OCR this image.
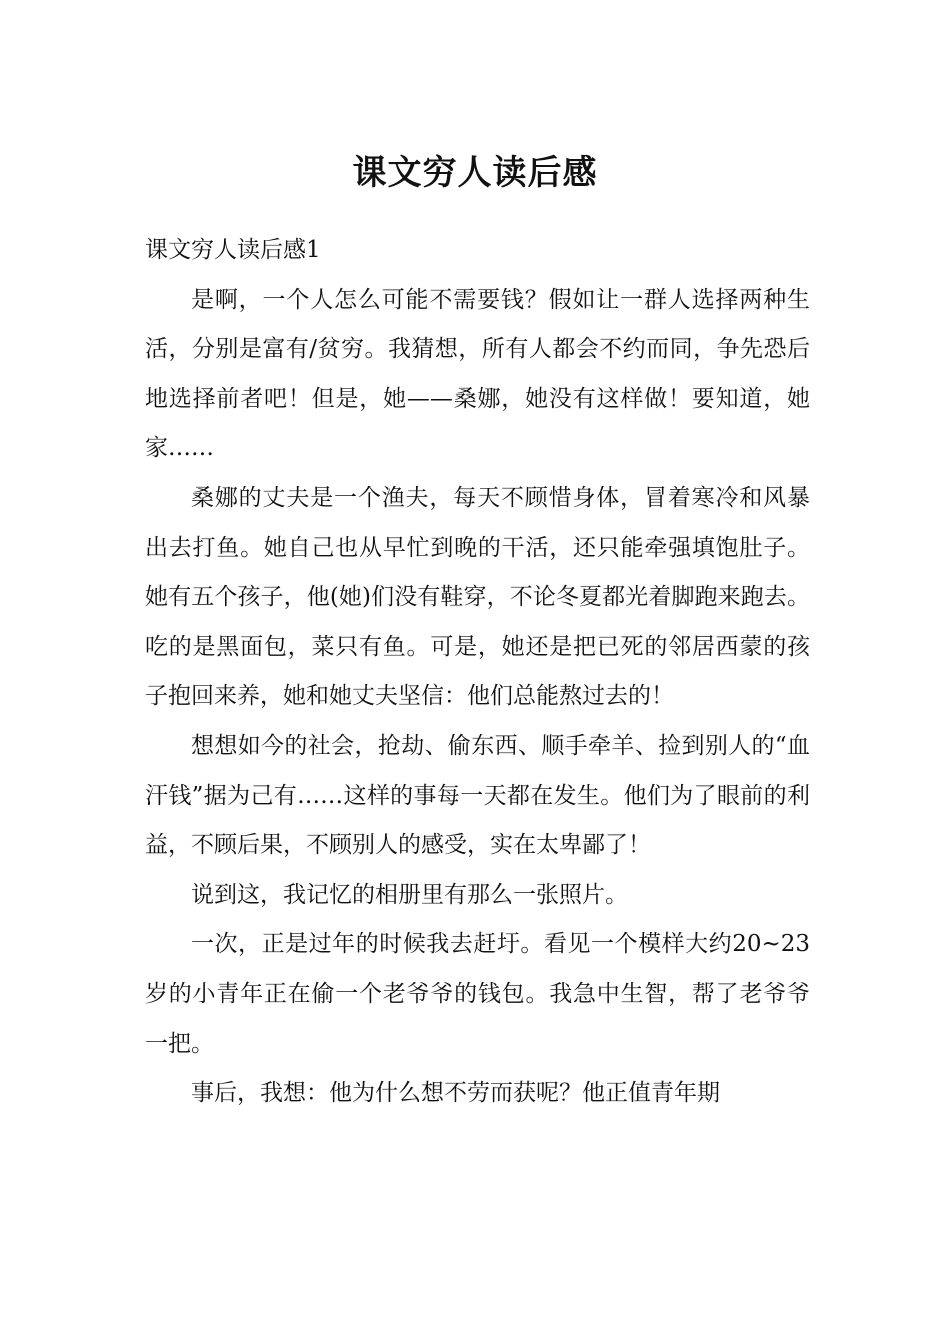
课文穷人读后感

课文穷人读后感1

是啊，一个人怎么可能不需要钱？假如让一群人选择两种生活，分别是富有/贫穷。我猜想，所有人都会不约而同，争先恐后地选择前者吧！但是，她——桑娜，她没有这样做！要知道，她家……

桑娜的丈夫是一个渔夫，每天不顾惜身体，冒着寒冷和风暴出去打鱼。她自己也从早忙到晚的干活，还只能牵强填饱肚子。她有五个孩子，他(她)们没有鞋穿，不论冬夏都光着脚跑来跑去。吃的是黑面包，菜只有鱼。可是，她还是把已死的邻居西蒙的孩子抱回来养，她和她丈夫坚信：他们总能熬过去的！

想想如今的社会，抢劫、偷东西、顺手牵羊、捡到别人的“血汗钱”据为己有……这样的事每一天都在发生。他们为了眼前的利益，不顾后果，不顾别人的感受，实在太卑鄙了！

说到这，我记忆的相册里有那么一张照片。

一次，正是过年的时候我去赶圩。看见一个模样大约20~23岁的小青年正在偷一个老爷爷的钱包。我急中生智，帮了老爷爷一把。

事后，我想：他为什么想不劳而获呢？他正值青年期
